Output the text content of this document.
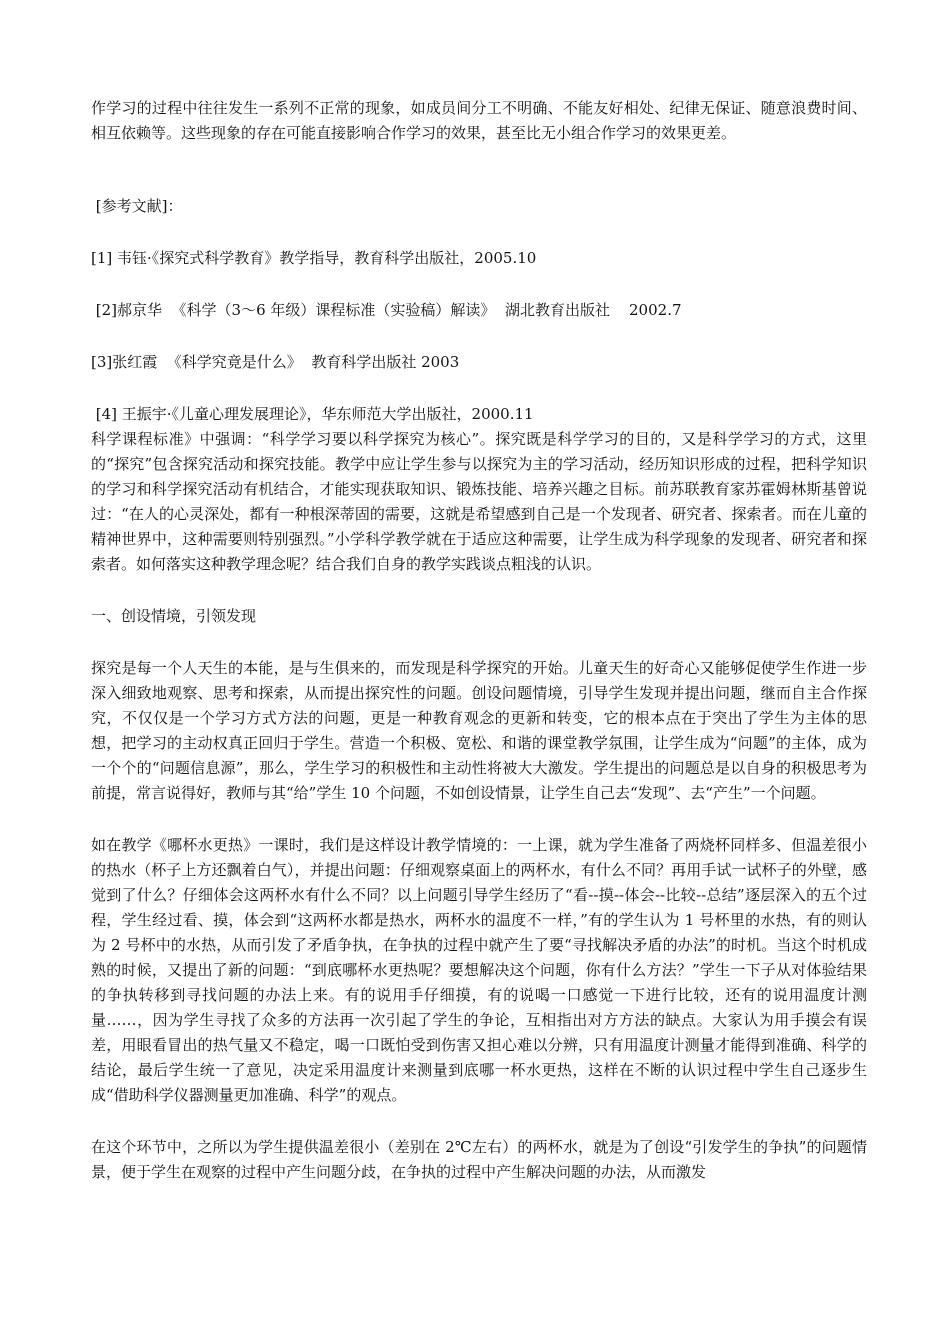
作学习的过程中往往发生一系列不正常的现象，如成员间分工不明确、不能友好相处、纪律无保证、随意浪费时间、相互依赖等。这些现象的存在可能直接影响合作学习的效果，甚至比无小组合作学习的效果更差。

[参考文献]：

[1] 韦钰·《探究式科学教育》教学指导，教育科学出版社，2005.10

[2]郝京华  《科学（3～6 年级）课程标准（实验稿）解读》  湖北教育出版社    2002.7

[3]张红霞  《科学究竟是什么》  教育科学出版社 2003

[4] 王振宇·《儿童心理发展理论》，华东师范大学出版社，2000.11

科学课程标准》中强调：“科学学习要以科学探究为核心”。探究既是科学学习的目的，又是科学学习的方式，这里的“探究”包含探究活动和探究技能。教学中应让学生参与以探究为主的学习活动，经历知识形成的过程，把科学知识的学习和科学探究活动有机结合，才能实现获取知识、锻炼技能、培养兴趣之目标。前苏联教育家苏霍姆林斯基曾说过：“在人的心灵深处，都有一种根深蒂固的需要，这就是希望感到自己是一个发现者、研究者、探索者。而在儿童的精神世界中，这种需要则特别强烈。”小学科学教学就在于适应这种需要，让学生成为科学现象的发现者、研究者和探索者。如何落实这种教学理念呢？结合我们自身的教学实践谈点粗浅的认识。

一、创设情境，引领发现

探究是每一个人天生的本能，是与生俱来的，而发现是科学探究的开始。儿童天生的好奇心又能够促使学生作进一步深入细致地观察、思考和探索，从而提出探究性的问题。创设问题情境，引导学生发现并提出问题，继而自主合作探究，不仅仅是一个学习方式方法的问题，更是一种教育观念的更新和转变，它的根本点在于突出了学生为主体的思想，把学习的主动权真正回归于学生。营造一个积极、宽松、和谐的课堂教学氛围，让学生成为“问题”的主体，成为一个个的“问题信息源”，那么，学生学习的积极性和主动性将被大大激发。学生提出的问题总是以自身的积极思考为前提，常言说得好，教师与其“给”学生 10 个问题，不如创设情景，让学生自己去“发现”、去“产生”一个问题。

如在教学《哪杯水更热》一课时，我们是这样设计教学情境的：一上课，就为学生准备了两烧杯同样多、但温差很小的热水（杯子上方还飘着白气），并提出问题：仔细观察桌面上的两杯水，有什么不同？再用手试一试杯子的外壁，感觉到了什么？仔细体会这两杯水有什么不同？以上问题引导学生经历了“看--摸--体会--比较--总结”逐层深入的五个过程，学生经过看、摸，体会到“这两杯水都是热水，两杯水的温度不一样，”有的学生认为 1 号杯里的水热，有的则认为 2 号杯中的水热，从而引发了矛盾争执，在争执的过程中就产生了要“寻找解决矛盾的办法”的时机。当这个时机成熟的时候，又提出了新的问题：“到底哪杯水更热呢？要想解决这个问题，你有什么方法？”学生一下子从对体验结果的争执转移到寻找问题的办法上来。有的说用手仔细摸，有的说喝一口感觉一下进行比较，还有的说用温度计测量……，因为学生寻找了众多的方法再一次引起了学生的争论，互相指出对方方法的缺点。大家认为用手摸会有误差，用眼看冒出的热气量又不稳定，喝一口既怕受到伤害又担心难以分辨，只有用温度计测量才能得到准确、科学的结论，最后学生统一了意见，决定采用温度计来测量到底哪一杯水更热，这样在不断的认识过程中学生自己逐步生成“借助科学仪器测量更加准确、科学”的观点。

在这个环节中，之所以为学生提供温差很小（差别在 2℃左右）的两杯水，就是为了创设“引发学生的争执”的问题情景，便于学生在观察的过程中产生问题分歧，在争执的过程中产生解决问题的办法，从而激发
